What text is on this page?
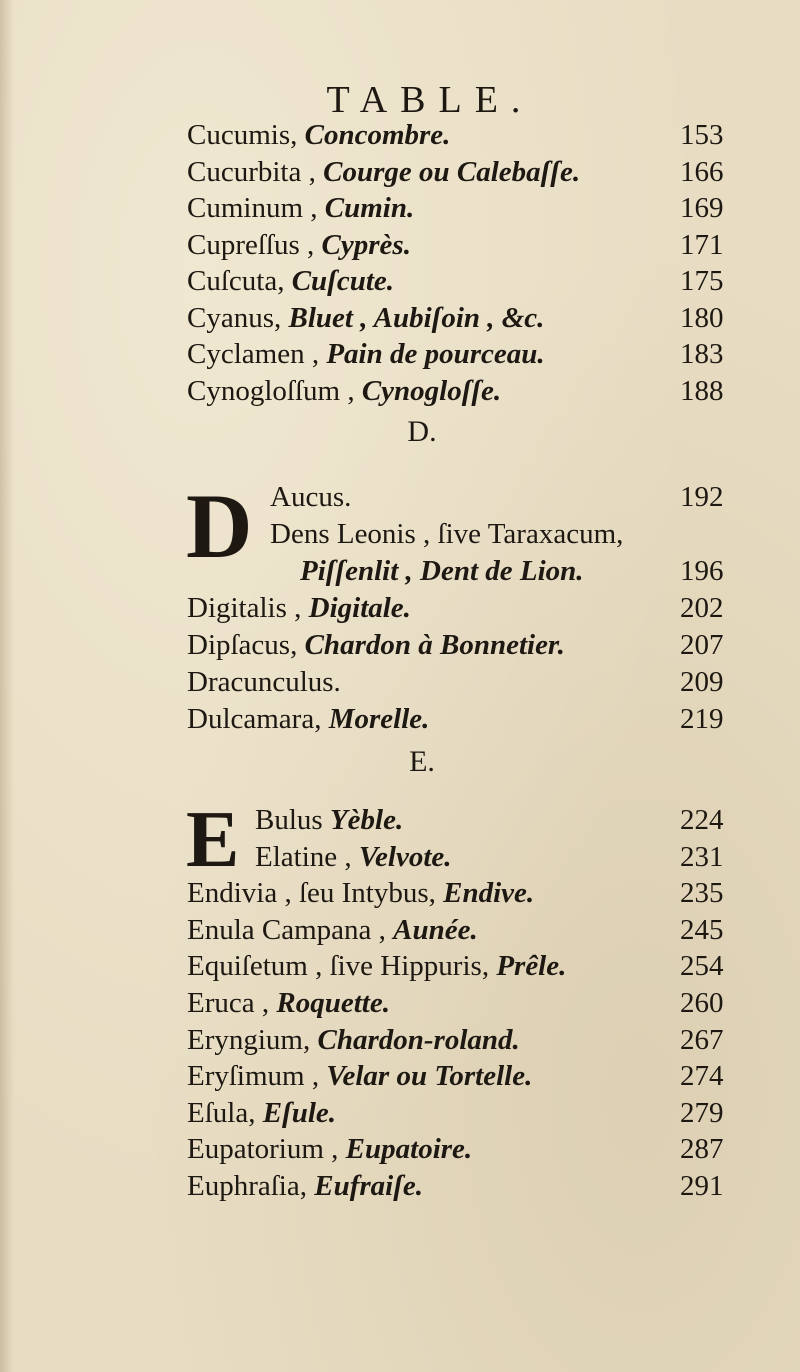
TABLE.
Cucumis, Concombre.	153
Cucurbita , Courge ou Calebaſſe.	166
Cuminum , Cumin.	169
Cupreſſus , Cyprès.	171
Cuſcuta, Cuſcute.	175
Cyanus, Bluet , Aubiſoin , &c.	180
Cyclamen , Pain de pourceau.	183
Cynogloſſum , Cynogloſſe.	188
D.
D Aucus.	192
Dens Leonis , ſive Taraxacum,
Piſſenlit , Dent de Lion.	196
Digitalis , Digitale.	202
Dipſacus, Chardon à Bonnetier.	207
Dracunculus.	209
Dulcamara, Morelle.	219
E.
E Bulus Yèble.	224
Elatine , Velvote.	231
Endivia , ſeu Intybus, Endive.	235
Enula Campana , Aunée.	245
Equiſetum , ſive Hippuris, Prêle.	254
Eruca , Roquette.	260
Eryngium, Chardon-roland.	267
Eryſimum , Velar ou Tortelle.	274
Eſula, Eſule.	279
Eupatorium , Eupatoire.	287
Euphraſia, Eufraiſe.	291
